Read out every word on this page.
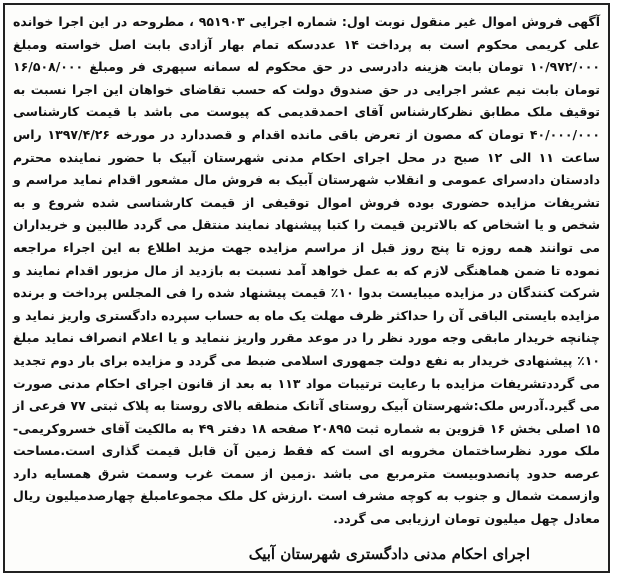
آگهی فروش اموال غیر منقول نوبت اول: شماره اجرایی ۹۵۱۹۰۳ ، مطروحه در این اجرا خوانده علی کریمی محکوم است به پرداخت ۱۴ عددسکه تمام بهار آزادی بابت اصل خواسته ومبلغ ۱۰/۹۷۲/۰۰۰ تومان بابت هزینه دادرسی در حق محکوم له سمانه سپهری فر ومبلغ ۱۶/۵۰۸/۰۰۰ تومان بابت نیم عشر اجرایی در حق صندوق دولت که حسب تقاضای خواهان این اجرا نسبت به توقیف ملک مطابق نظرکارشناس آقای احمدقدیمی که پیوست می باشد با قیمت کارشناسی ۴۰/۰۰۰/۰۰۰ تومان که مصون از تعرض باقی مانده اقدام و قصددارد در مورخه ۱۳۹۷/۴/۲۶ راس ساعت ۱۱ الی ۱۲ صبح در محل اجرای احکام مدنی شهرستان آبیک با حضور نماینده محترم دادستان دادسرای عمومی و انقلاب شهرستان آبیک به فروش مال مشعور اقدام نماید مراسم و تشریفات مزایده حضوری بوده فروش اموال توقیفی از قیمت کارشناسی شده شروع و به شخص و یا اشخاص که بالاترین قیمت را کتبا پیشنهاد نمایند منتقل می گردد طالبین و خریداران می توانند همه روزه تا پنج روز قبل از مراسم مزایده جهت مزید اطلاع به این اجراء مراجعه نموده تا ضمن هماهنگی لازم که به عمل خواهد آمد نسبت به بازدید از مال مزبور اقدام نمایند و شرکت کنندگان در مزایده میبایست بدوا ۱۰٪ قیمت پیشنهاد شده را فی المجلس پرداخت و برنده مزایده بایستی الباقی آن را حداکثر ظرف مهلت یک ماه به حساب سپرده دادگستری واریز نماید و چنانچه خریدار مابقی وجه مورد نظر را در موعد مقرر واریز ننماید و یا اعلام انصراف نماید مبلغ ۱۰٪ پیشنهادی خریدار به نفع دولت جمهوری اسلامی ضبط می گردد و مزایده برای بار دوم تجدید می گرددتشریفات مزایده با رعایت ترتیبات مواد ۱۱۳ به بعد از قانون اجرای احکام مدنی صورت می گیرد.آدرس ملک:شهرستان آبیک روستای آتانک منطقه بالای روستا به پلاک ثبتی ۷۷ فرعی از ۱۵ اصلی بخش ۱۶ قزوین به شماره ثبت ۲۰۸۹۵ صفحه ۱۸ دفتر ۴۹ به مالکیت آقای خسروکریمی-ملک مورد نظرساختمان مخروبه ای است که فقط زمین آن قابل قیمت گذاری است.مساحت عرصه حدود پانصدوبیست مترمربع می باشد .زمین از سمت غرب وسمت شرق همسایه دارد وازسمت شمال و جنوب به کوچه مشرف است .ارزش کل ملک مجموعامبلغ چهارصدمیلیون ریال معادل چهل میلیون تومان ارزیابی می گردد.

اجرای احکام مدنی دادگستری شهرستان آبیک
